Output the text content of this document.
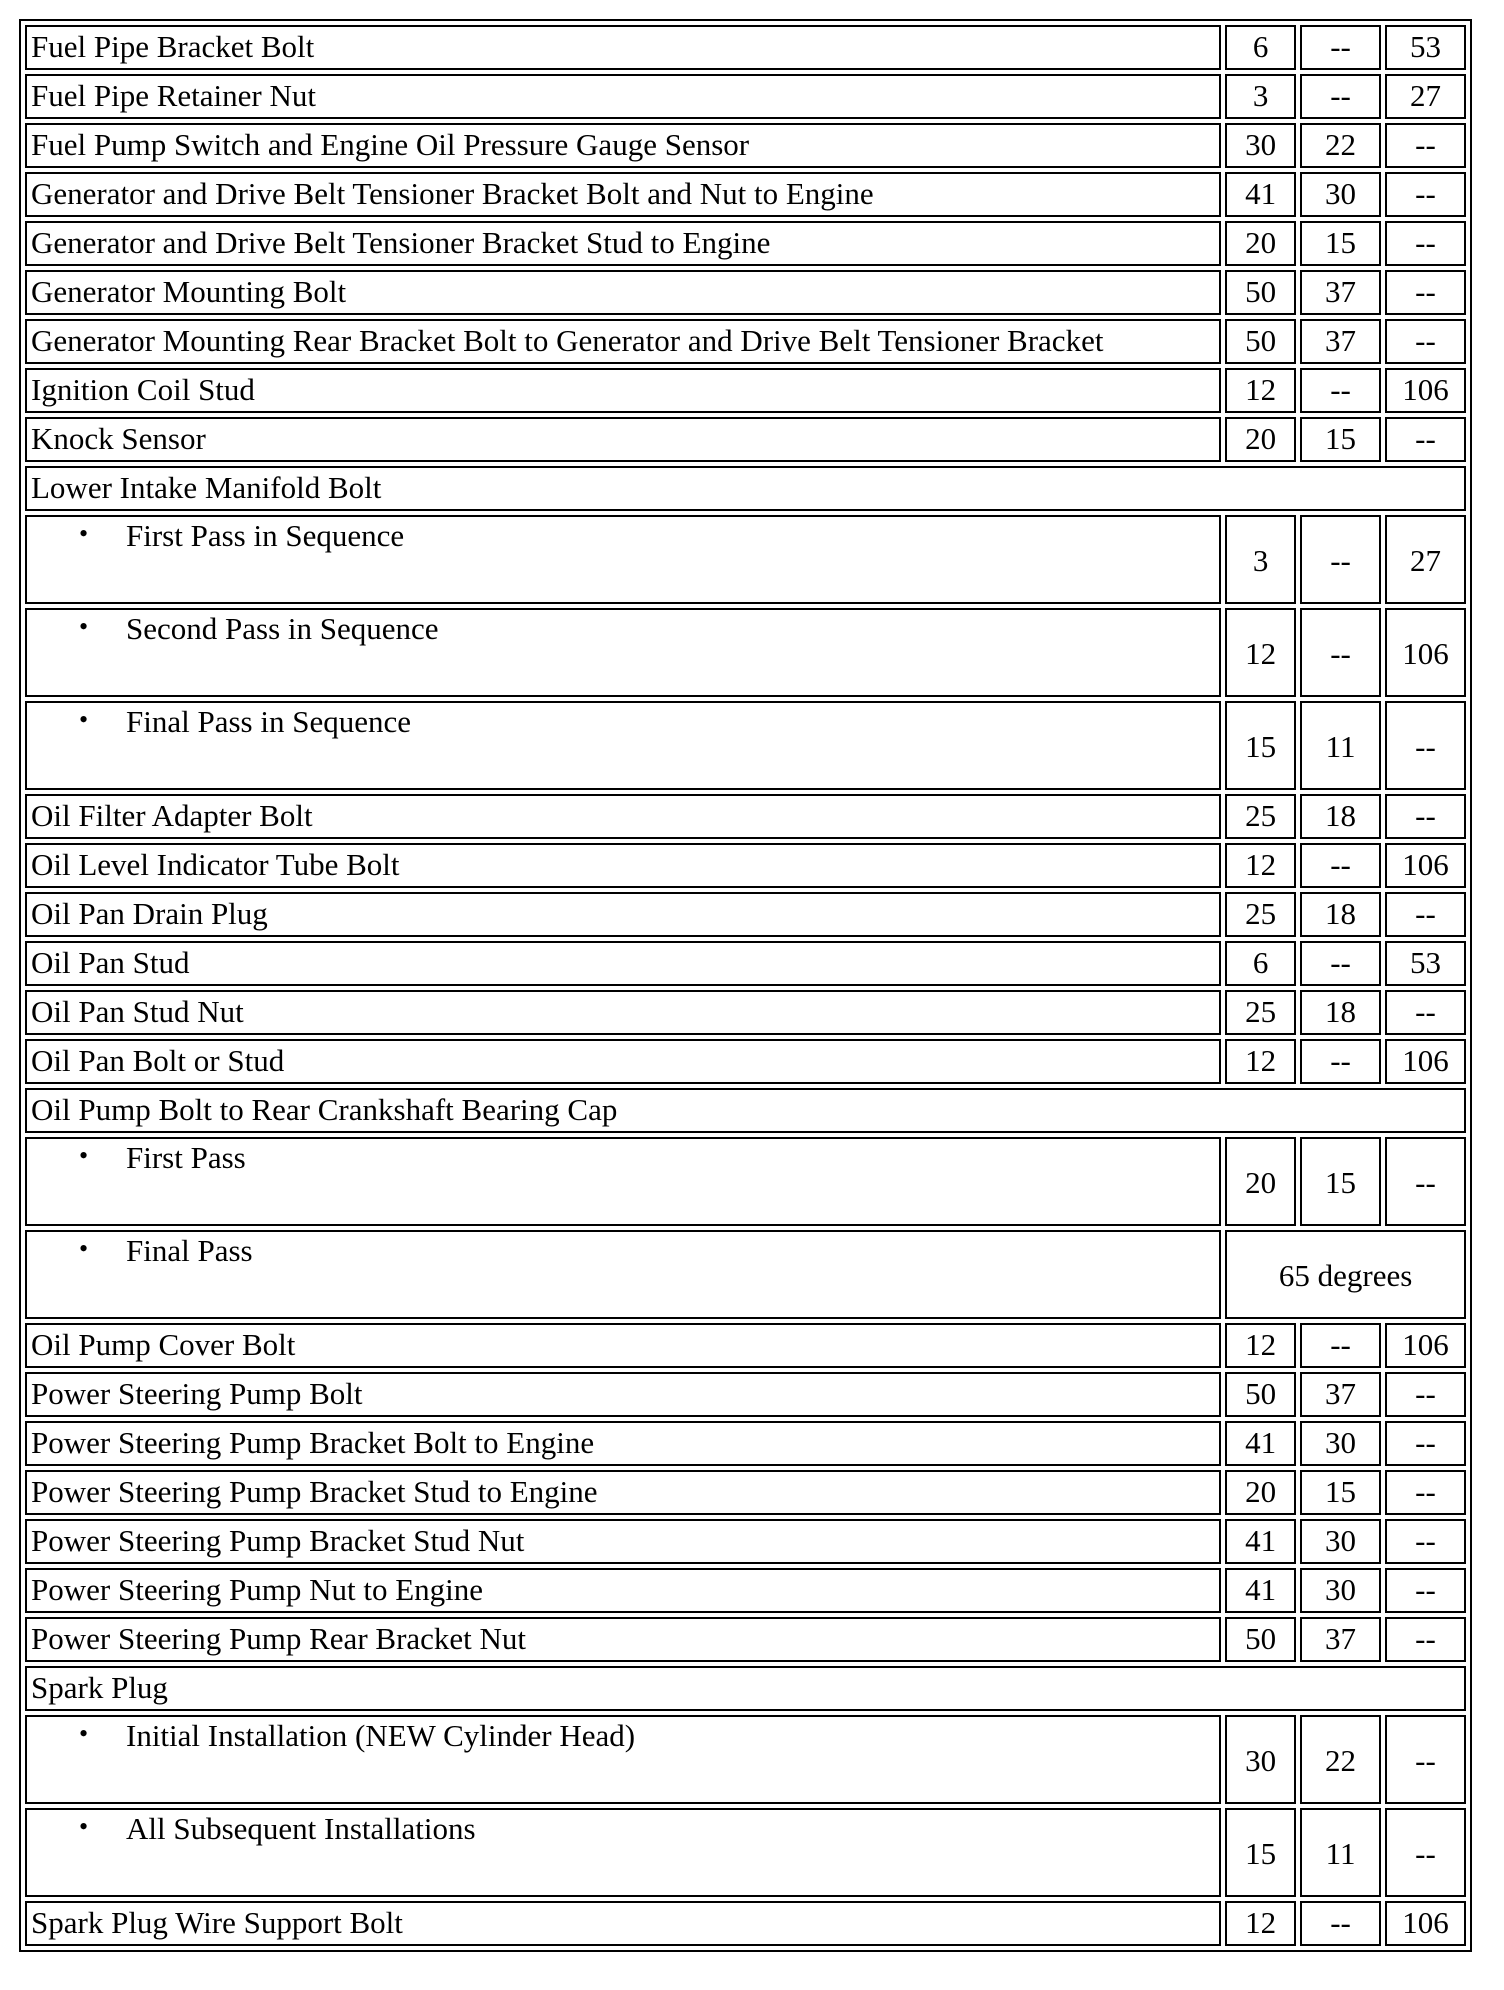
Fuel Pipe Bracket Bolt	6	--	53
Fuel Pipe Retainer Nut	3	--	27
Fuel Pump Switch and Engine Oil Pressure Gauge Sensor	30	22	--
Generator and Drive Belt Tensioner Bracket Bolt and Nut to Engine	41	30	--
Generator and Drive Belt Tensioner Bracket Stud to Engine	20	15	--
Generator Mounting Bolt	50	37	--
Generator Mounting Rear Bracket Bolt to Generator and Drive Belt Tensioner Bracket	50	37	--
Ignition Coil Stud	12	--	106
Knock Sensor	20	15	--
Lower Intake Manifold Bolt			

• First Pass in Sequence	3	--	27

• Second Pass in Sequence	12	--	106

• Final Pass in Sequence	15	11	--
Oil Filter Adapter Bolt	25	18	--
Oil Level Indicator Tube Bolt	12	--	106
Oil Pan Drain Plug	25	18	--
Oil Pan Stud	6	--	53
Oil Pan Stud Nut	25	18	--
Oil Pan Bolt or Stud	12	--	106
Oil Pump Bolt to Rear Crankshaft Bearing Cap			

• First Pass	20	15	--

• Final Pass	65 degrees		
Oil Pump Cover Bolt	12	--	106
Power Steering Pump Bolt	50	37	--
Power Steering Pump Bracket Bolt to Engine	41	30	--
Power Steering Pump Bracket Stud to Engine	20	15	--
Power Steering Pump Bracket Stud Nut	41	30	--
Power Steering Pump Nut to Engine	41	30	--
Power Steering Pump Rear Bracket Nut	50	37	--
Spark Plug			

• Initial Installation (NEW Cylinder Head)	30	22	--

• All Subsequent Installations	15	11	--
Spark Plug Wire Support Bolt	12	--	106
